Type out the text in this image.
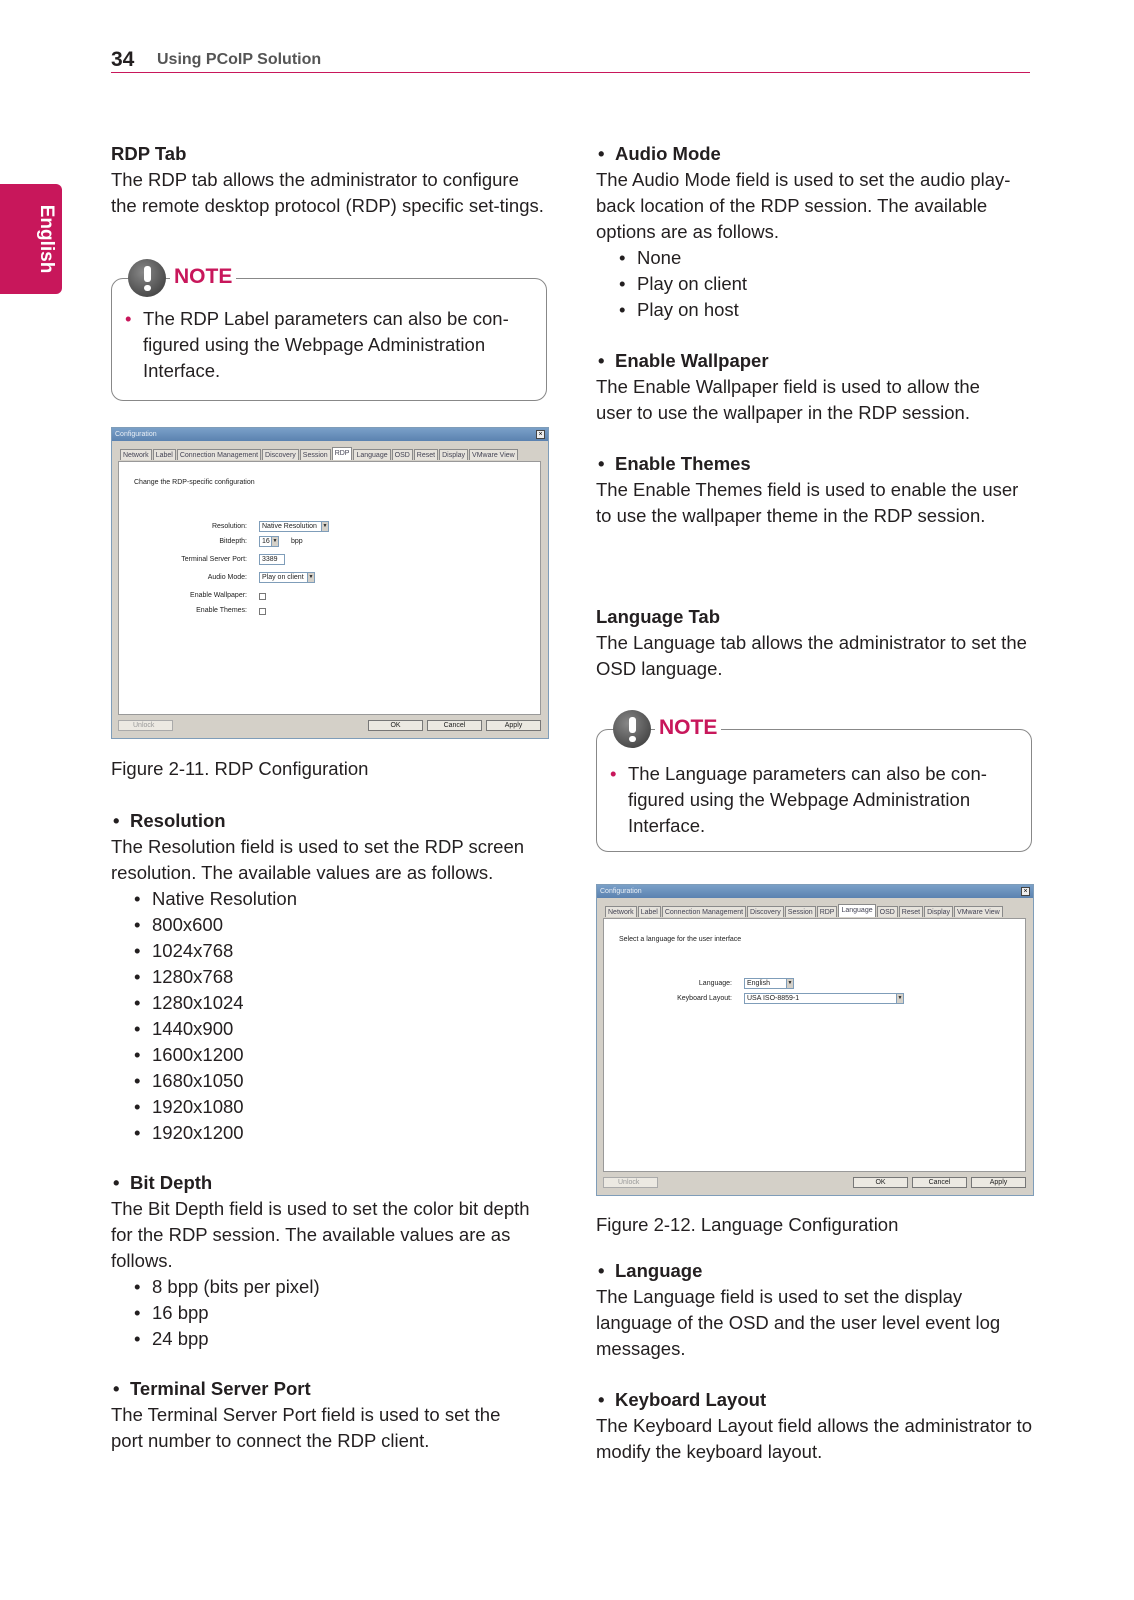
34 Using PCoIP Solution
English
RDP Tab
The RDP tab allows the administrator to configure the remote desktop protocol (RDP) specific set-tings.
NOTE
• The RDP Label parameters can also be con-figured using the Webpage Administration Interface.
Configuration	×
Network	Label	Connection Management	Discovery	Session	RDP	Language	OSD	Reset	Display	VMware View
Change the RDP-specific configuration
Resolution:	Native Resolution	▼
Bitdepth:	16 ▼ bpp
Terminal Server Port:	3389
Audio Mode:	Play on client ▼
Enable Wallpaper:
Enable Themes:
Unlock	OK	Cancel	Apply
Figure 2-11. RDP Configuration
• Resolution
The Resolution field is used to set the RDP screen resolution. The available values are as follows.
• Native Resolution
• 800x600
• 1024x768
• 1280x768
• 1280x1024
• 1440x900
• 1600x1200
• 1680x1050
• 1920x1080
• 1920x1200
• Bit Depth
The Bit Depth field is used to set the color bit depth for the RDP session. The available values are as follows.
• 8 bpp (bits per pixel)
• 16 bpp
• 24 bpp
• Terminal Server Port
The Terminal Server Port field is used to set the port number to connect the RDP client.
• Audio Mode
The Audio Mode field is used to set the audio play-back location of the RDP session. The available options are as follows.
• None
• Play on client
• Play on host
• Enable Wallpaper
The Enable Wallpaper field is used to allow the user to use the wallpaper in the RDP session.
• Enable Themes
The Enable Themes field is used to enable the user to use the wallpaper theme in the RDP session.
Language Tab
The Language tab allows the administrator to set the OSD language.
NOTE
• The Language parameters can also be con-figured using the Webpage Administration Interface.
Configuration	×
Network	Label	Connection Management	Discovery	Session	RDP	Language	OSD	Reset	Display	VMware View
Select a language for the user interface
Language:	English	▼
Keyboard Layout:	USA ISO-8859-1	▼
Unlock	OK	Cancel	Apply
Figure 2-12. Language Configuration
• Language
The Language field is used to set the display language of the OSD and the user level event log messages.
• Keyboard Layout
The Keyboard Layout field allows the administrator to modify the keyboard layout.
